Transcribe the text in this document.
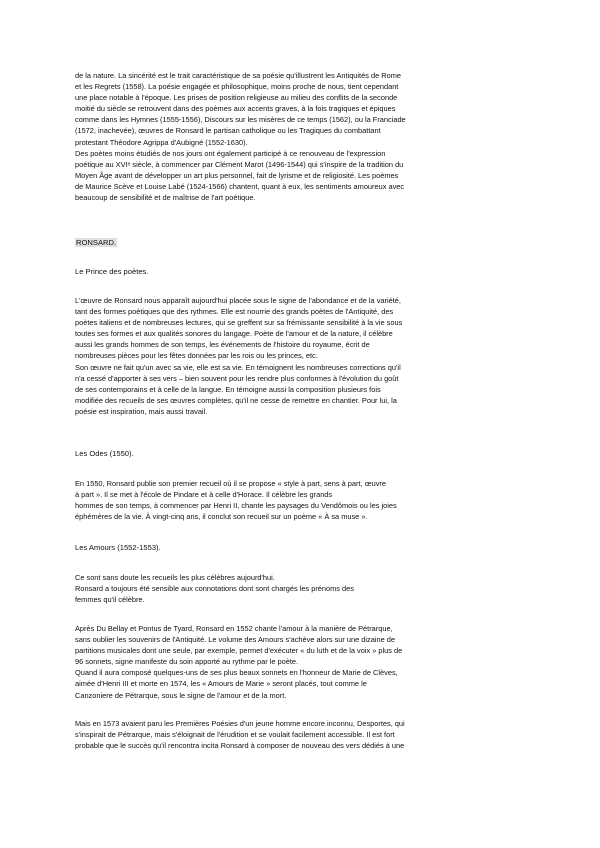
de la nature. La sincérité est le trait caractéristique de sa poésie qu'illustrent les Antiquités de Rome
et les Regrets (1558). La poésie engagée et philosophique, moins proche de nous, tient cependant
une place notable à l'époque. Les prises de position religieuse au milieu des conflits de la seconde
moitié du siècle se retrouvent dans des poèmes aux accents graves, à la fois tragiques et épiques
comme dans les Hymnes (1555-1556), Discours sur les misères de ce temps (1562), ou la Franciade
(1572, inachevée), œuvres de Ronsard le partisan catholique ou les Tragiques du combattant
protestant Théodore Agrippa d'Aubigné (1552-1630).
Des poètes moins étudiés de nos jours ont également participé à ce renouveau de l'expression
poétique au XVIᵉ siècle, à commencer par Clément Marot (1496-1544) qui s'inspire de la tradition du
Moyen Âge avant de développer un art plus personnel, fait de lyrisme et de religiosité. Les poèmes
de Maurice Scève et Louise Labé (1524-1566) chantent, quant à eux, les sentiments amoureux avec
beaucoup de sensibilité et de maîtrise de l'art poétique.
RONSARD.
Le Prince des poètes.
L'œuvre de Ronsard nous apparaît aujourd'hui placée sous le signe de l'abondance et de la variété,
tant des formes poétiques que des rythmes. Elle est nourrie des grands poètes de l'Antiquité, des
poètes italiens et de nombreuses lectures, qui se greffent sur sa frémissante sensibilité à la vie sous
toutes ses formes et aux qualités sonores du langage. Poète de l'amour et de la nature, il célèbre
aussi les grands hommes de son temps, les événements de l'histoire du royaume, écrit de
nombreuses pièces pour les fêtes données par les rois ou les princes, etc.
Son œuvre ne fait qu'un avec sa vie, elle est sa vie. En témoignent les nombreuses corrections qu'il
n'a cessé d'apporter à ses vers – bien souvent pour les rendre plus conformes à l'évolution du goût
de ses contemporains et à celle de la langue. En témoigne aussi la composition plusieurs fois
modifiée des recueils de ses œuvres complètes, qu'il ne cesse de remettre en chantier. Pour lui, la
poésie est inspiration, mais aussi travail.
Les Odes (1550).
En 1550, Ronsard publie son premier recueil où il se propose « style à part, sens à part, œuvre
à part ». Il se met à l'école de Pindare et à celle d'Horace. Il célèbre les grands
hommes de son temps, à commencer par Henri II, chante les paysages du Vendômois ou les joies
éphémères de la vie. À vingt-cinq ans, il conclut son recueil sur un poème « À sa muse ».
Les Amours (1552-1553).
Ce sont sans doute les recueils les plus célèbres aujourd'hui.
Ronsard a toujours été sensible aux connotations dont sont chargés les prénoms des
femmes qu'il célèbre.
Après Du Bellay et Pontus de Tyard, Ronsard en 1552 chante l'amour à la manière de Pétrarque,
sans oublier les souvenirs de l'Antiquité. Le volume des Amours s'achève alors sur une dizaine de
partitions musicales dont une seule, par exemple, permet d'exécuter « du luth et de la voix » plus de
96 sonnets, signe manifeste du soin apporté au rythme par le poète.
Quand il aura composé quelques-uns de ses plus beaux sonnets en l'honneur de Marie de Clèves,
aimée d'Henri III et morte en 1574, les « Amours de Marie » seront placés, tout comme le
Canzoniere de Pétrarque, sous le signe de l'amour et de la mort.
Mais en 1573 avaient paru les Premières Poésies d'un jeune homme encore inconnu, Desportes, qui
s'inspirait de Pétrarque, mais s'éloignait de l'érudition et se voulait facilement accessible. Il est fort
probable que le succès qu'il rencontra incita Ronsard à composer de nouveau des vers dédiés à une
